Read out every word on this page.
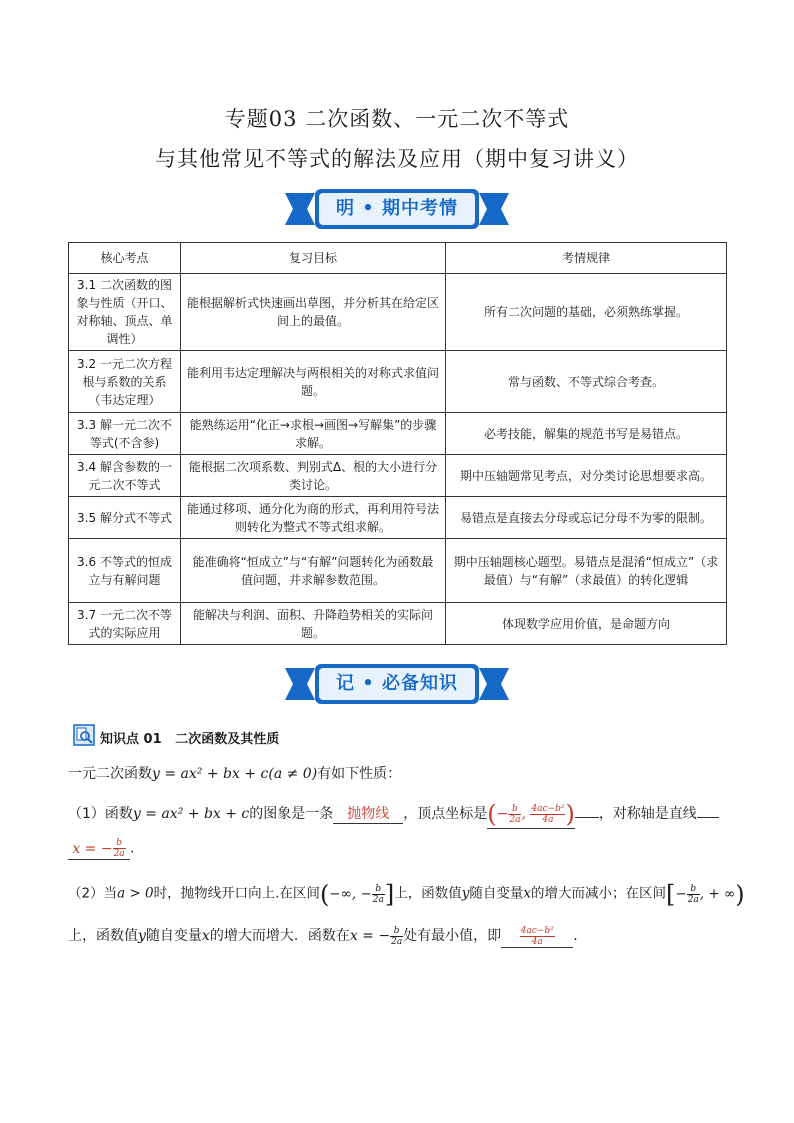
专题03 二次函数、一元二次不等式
与其他常见不等式的解法及应用（期中复习讲义）
明 • 期中考情
核心考点	复习目标	考情规律
3.1 二次函数的图象与性质（开口、对称轴、顶点、单调性）	能根据解析式快速画出草图，并分析其在给定区间上的最值。	所有二次问题的基础，必须熟练掌握。
3.2 一元二次方程根与系数的关系（韦达定理）	能利用韦达定理解决与两根相关的对称式求值问题。	常与函数、不等式综合考查。
3.3 解一元二次不等式(不含参)	能熟练运用“化正→求根→画图→写解集”的步骤求解。	必考技能，解集的规范书写是易错点。
3.4 解含参数的一元二次不等式	能根据二次项系数、判别式Δ、根的大小进行分类讨论。	期中压轴题常见考点，对分类讨论思想要求高。
3.5 解分式不等式	能通过移项、通分化为商的形式，再利用符号法则转化为整式不等式组求解。	易错点是直接去分母或忘记分母不为零的限制。
3.6 不等式的恒成立与有解问题	能准确将“恒成立”与“有解”问题转化为函数最值问题，并求解参数范围。	期中压轴题核心题型。易错点是混淆“恒成立”（求最值）与“有解”（求最值）的转化逻辑
3.7 一元二次不等式的实际应用	能解决与利润、面积、升降趋势相关的实际问题。	体现数学应用价值，是命题方向
记 • 必备知识
知识点 01 二次函数及其性质
一元二次函数y = ax² + bx + c(a ≠ 0)有如下性质：
（1）函数y = ax² + bx + c的图象是一条 抛物线 ，顶点坐标是(− $\frac{b}{2a}$ , $\frac{\text{4ac−b²}}{4a}$ ) ，对称轴是直线
x = − $\frac{b}{2a}$ .
（2）当a > 0时，抛物线开口向上.在区间(−∞, − $\frac{b}{2a}$ ]上，函数值y随自变量x的增大而减小；在区间[− $\frac{b}{2a}$ , + ∞)
上，函数值y随自变量x的增大而增大．函数在x = − $\frac{b}{2a}$ 处有最小值，即 $\frac{\text{4ac−b²}}{4a}$ ．
